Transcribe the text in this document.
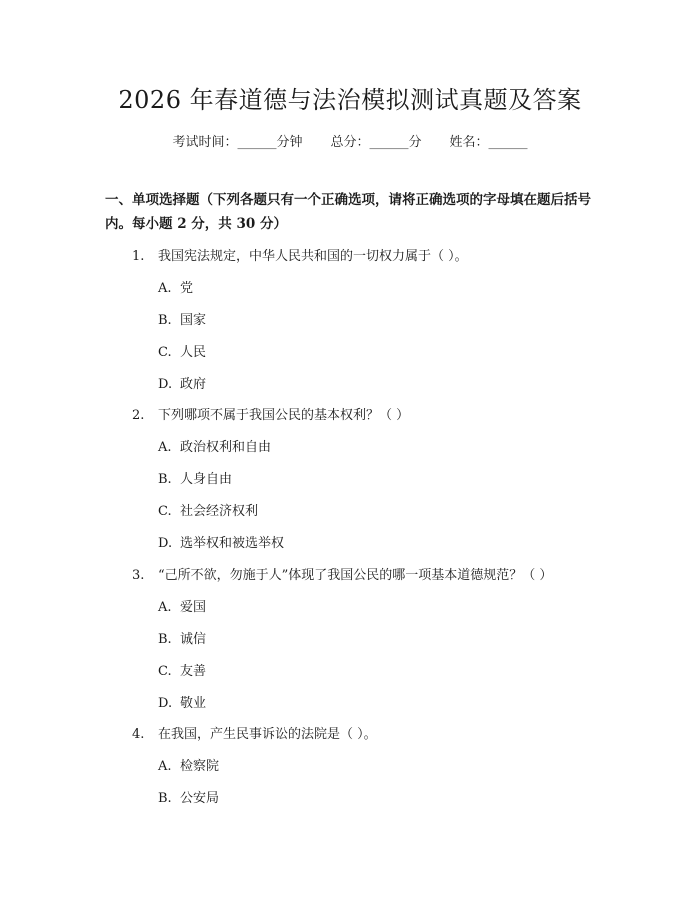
2026 年春道德与法治模拟测试真题及答案
考试时间：______分钟 总分：______分 姓名：______
一、单项选择题（下列各题只有一个正确选项，请将正确选项的字母填在题后括号内。每小题 2 分，共 30 分）
1. 我国宪法规定，中华人民共和国的一切权力属于（ ）。
A. 党
B. 国家
C. 人民
D. 政府
2. 下列哪项不属于我国公民的基本权利？（ ）
A. 政治权利和自由
B. 人身自由
C. 社会经济权利
D. 选举权和被选举权
3. “己所不欲，勿施于人”体现了我国公民的哪一项基本道德规范？（ ）
A. 爱国
B. 诚信
C. 友善
D. 敬业
4. 在我国，产生民事诉讼的法院是（ ）。
A. 检察院
B. 公安局
